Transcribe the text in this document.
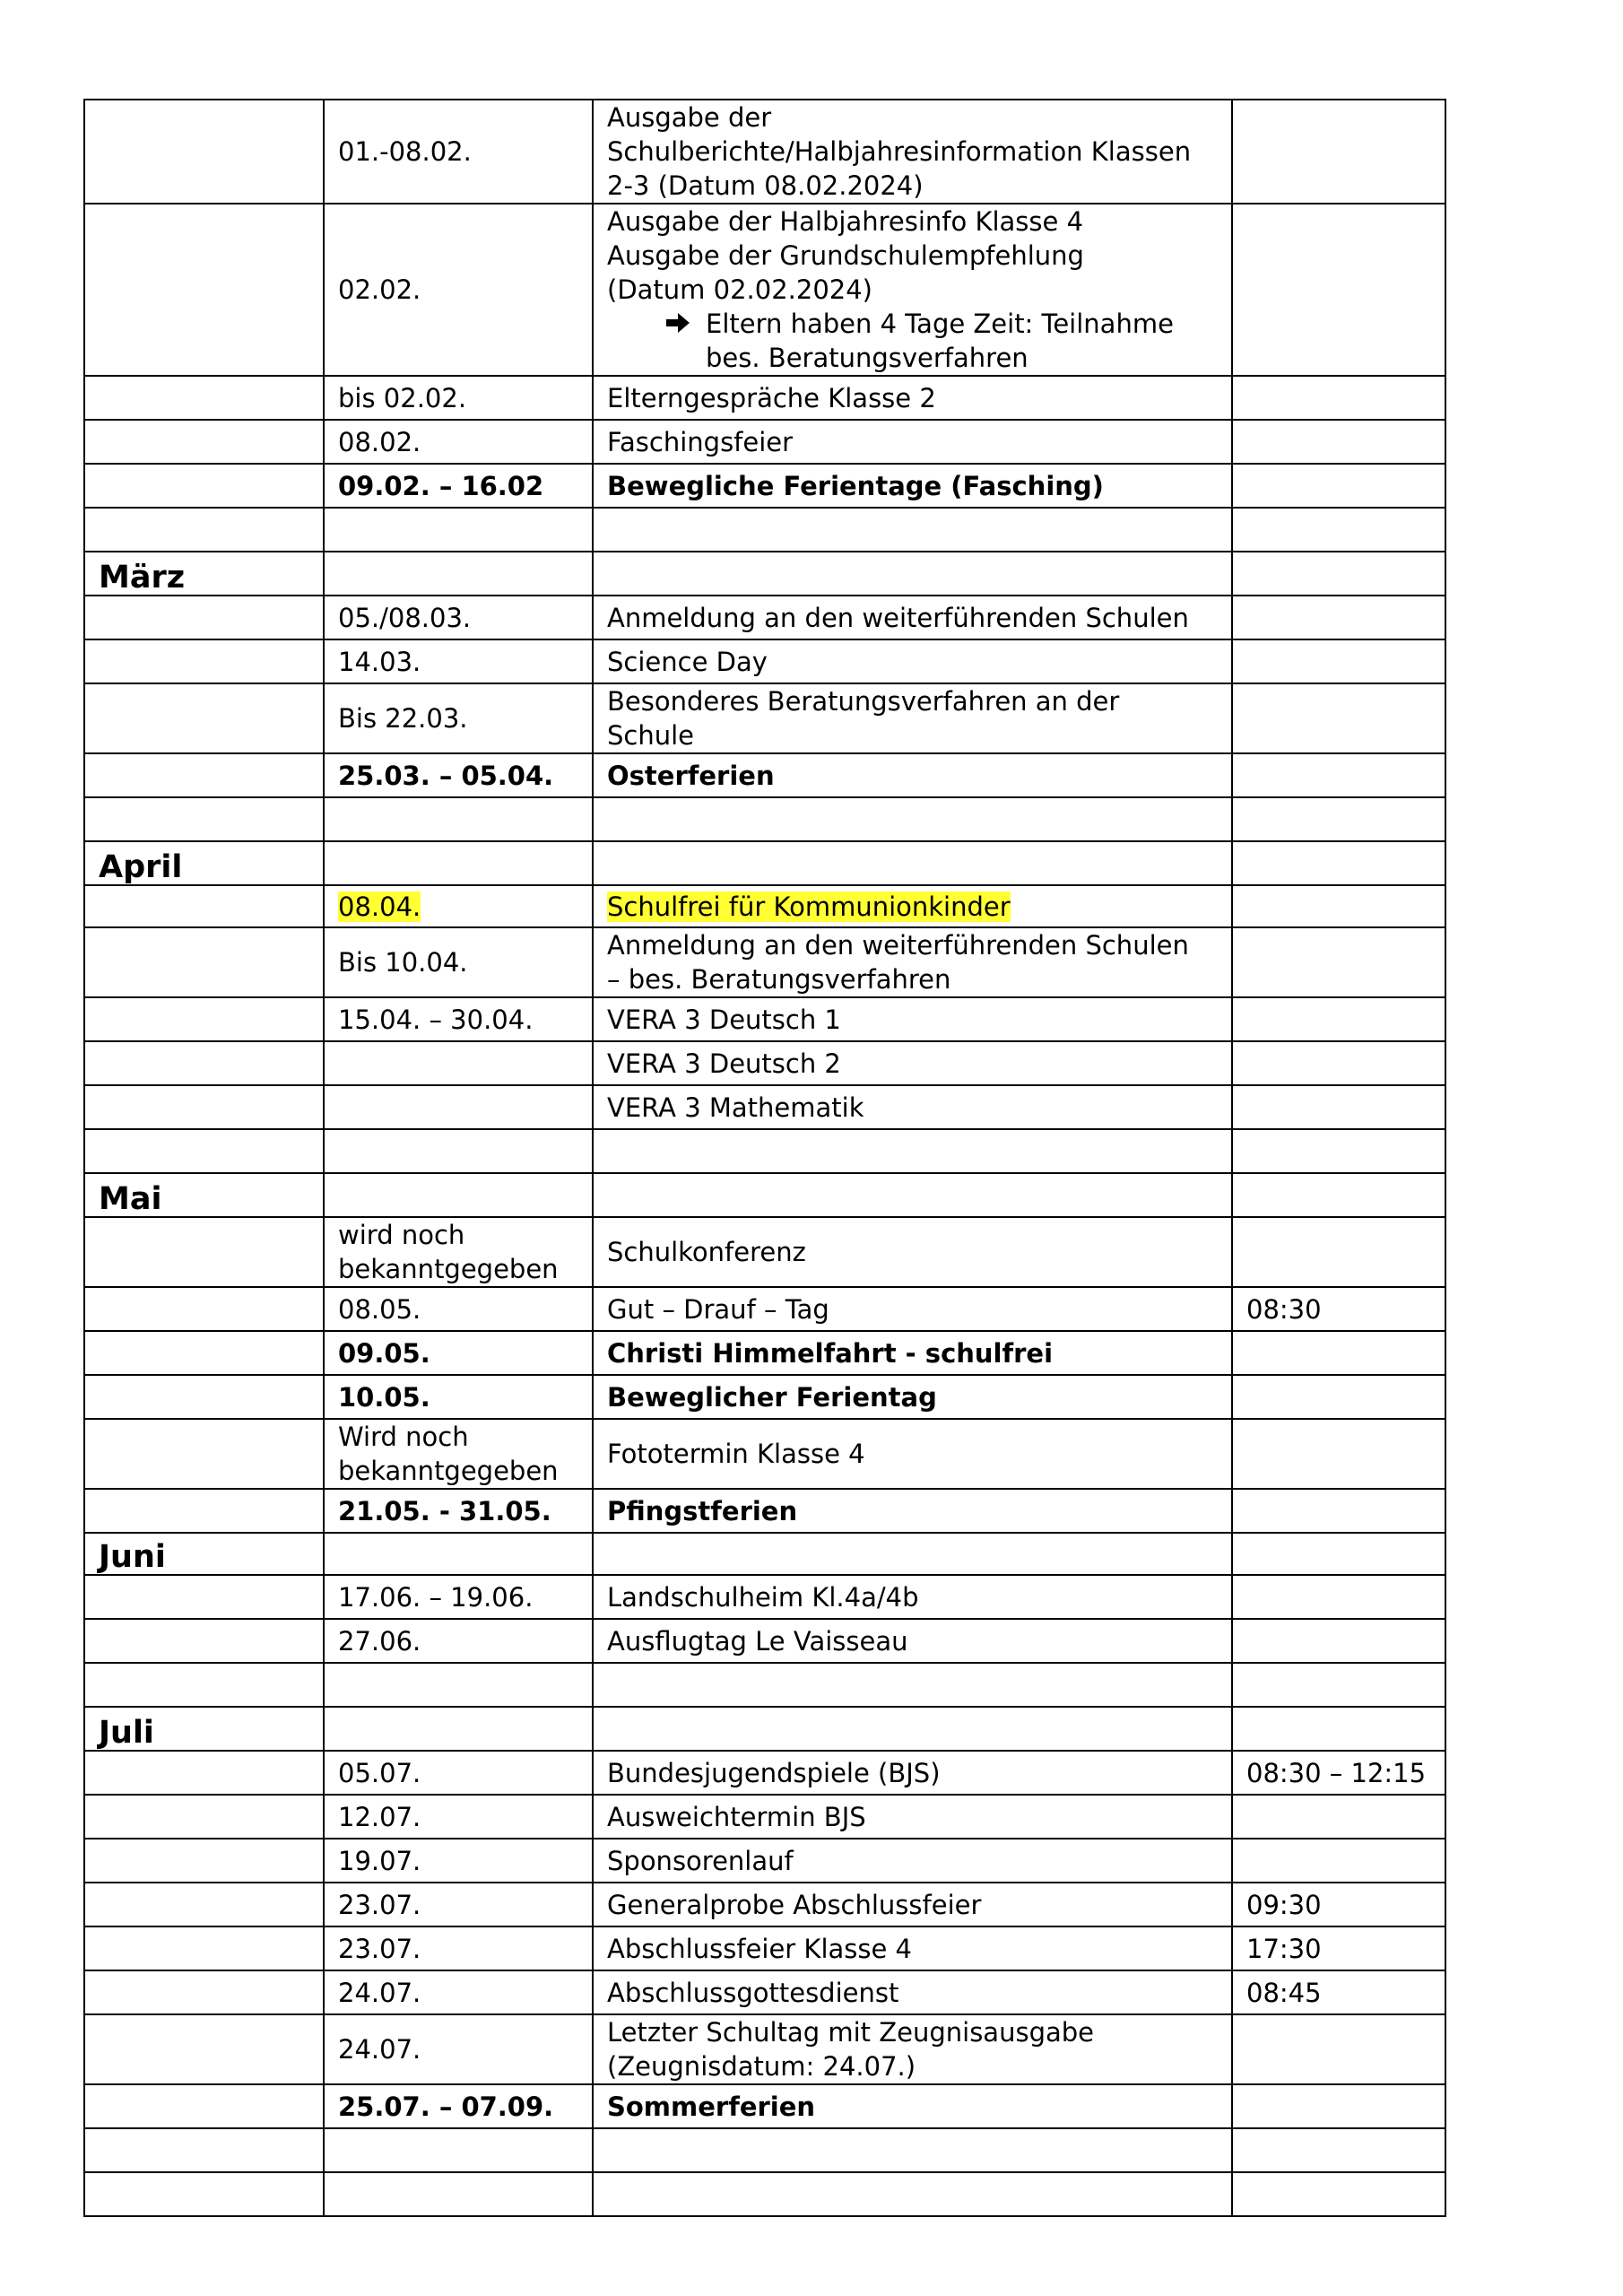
	01.-08.02.	Ausgabe der
Schulberichte/Halbjahresinformation Klassen
2-3 (Datum 08.02.2024)	

	02.02.	Ausgabe der Halbjahresinfo Klasse 4
Ausgabe der Grundschulempfehlung
(Datum 02.02.2024)
Eltern haben 4 Tage Zeit: Teilnahme
bes. Beratungsverfahren	

	bis 02.02.	Elterngespräche Klasse 2	

	08.02.	Faschingsfeier	

	09.02. – 16.02	Bewegliche Ferientage (Fasching)	

März			
	05./08.03.	Anmeldung an den weiterführenden Schulen	

	14.03.	Science Day	

	Bis 22.03.	Besonderes Beratungsverfahren an der
Schule	

	25.03. – 05.04.	Osterferien	

April			
	08.04.	Schulfrei für Kommunionkinder	

	Bis 10.04.	Anmeldung an den weiterführenden Schulen
– bes. Beratungsverfahren	

	15.04. – 30.04.	VERA 3 Deutsch 1	

		VERA 3 Deutsch 2	

		VERA 3 Mathematik	

Mai			
	wird noch bekanntgegeben	Schulkonferenz	

	08.05.	Gut – Drauf – Tag	08:30
	09.05.	Christi Himmelfahrt - schulfrei	

	10.05.	Beweglicher Ferientag	

	Wird noch bekanntgegeben	Fototermin Klasse 4	

	21.05. - 31.05.	Pfingstferien	

Juni			
	17.06. – 19.06.	Landschulheim Kl.4a/4b	

	27.06.	Ausflugtag Le Vaisseau	

Juli			
	05.07.	Bundesjugendspiele (BJS)	08:30 – 12:15
	12.07.	Ausweichtermin BJS	

	19.07.	Sponsorenlauf	

	23.07.	Generalprobe Abschlussfeier	09:30
	23.07.	Abschlussfeier Klasse 4	17:30
	24.07.	Abschlussgottesdienst	08:45
	24.07.	Letzter Schultag mit Zeugnisausgabe
(Zeugnisdatum: 24.07.)	

	25.07. – 07.09.	Sommerferien	
